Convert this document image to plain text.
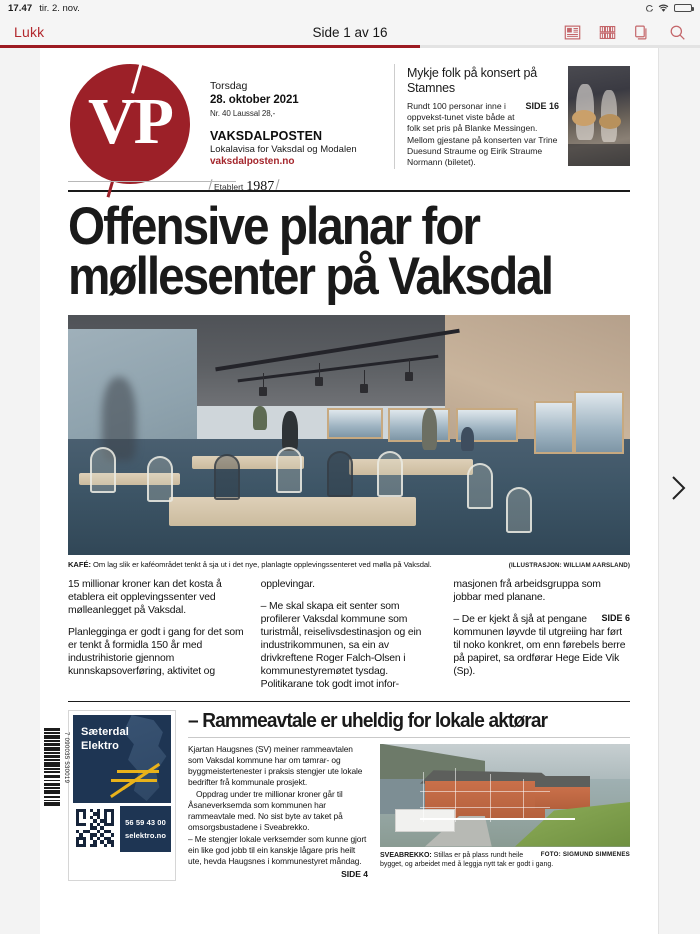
17.47 tir. 2. nov.
Lukk	Side 1 av 16
VP	Torsdag
28. oktober 2021
Nr. 40 Laussal 28,-
VAKSDALPOSTEN
Lokalavisa for Vaksdal og Modalen
vaksdalposten.no
Etablert 1987
Mykje folk på konsert på Stamnes
SIDE 16
Rundt 100 personar inne i oppvekst-tunet viste både at folk set pris på Blanke Messingen. Mellom gjestane på konserten var Trine Duesund Straume og Eirik Straume Normann (biletet).
Offensive planar for møllesenter på Vaksdal
KAFÉ: Om lag slik er kaféområdet tenkt å sja ut i det nye, planlagte opplevingssenteret ved mølla på Vaksdal.	(ILLUSTRASJON: WILLIAM AARSLAND)

15 millionar kroner kan det kosta å etablera eit opplevingssenter ved mølleanlegget på Vaksdal.

Planlegginga er godt i gang for det som er tenkt å formidla 150 år med industrihistorie gjennom kunnskapsoverføring, aktivitet og

opplevingar.

– Me skal skapa eit senter som profilerer Vaksdal kommune som turistmål, reiselivsdestinasjon og ein industrikommunen, sa ein av drivkreftene Roger Falch-Olsen i kommunestyremøtet tysdag. Politikarane tok godt imot infor-

masjonen frå arbeidsgruppa som jobbar med planane.

SIDE 6
– De er kjekt å sjå at pengane kommunen løyvde til utgreiing har ført til noko konkret, om enn førebels berre på papiret, sa ordførar Hege Eide Vik (Sp).

7 090035 530019 Sæterdal
Elektro
56 59 43 00
selektro.no
– Rammeavtale er uheldig for lokale aktørar

Kjartan Haugsnes (SV) meiner rammeavtalen som Vaksdal kommune har om tømrar- og byggmeistertenester i praksis stengjer ute lokale bedrifter frå kommunale prosjekt.

Oppdrag under tre millionar kroner går til Åsaneverksemda som kommunen har rammeavtale med. No sist byte av taket på omsorgsbustadene i Sveabrekko.

– Me stengjer lokale verksemder som kunne gjort ein like god jobb til ein kanskje lågare pris heilt ute, hevda Haugsnes i kommunestyret måndag.

SIDE 4
FOTO: SIGMUND SIMMENES
SVEABREKKO: Stillas er på plass rundt heile bygget, og arbeidet med å leggja nytt tak er godt i gang.
